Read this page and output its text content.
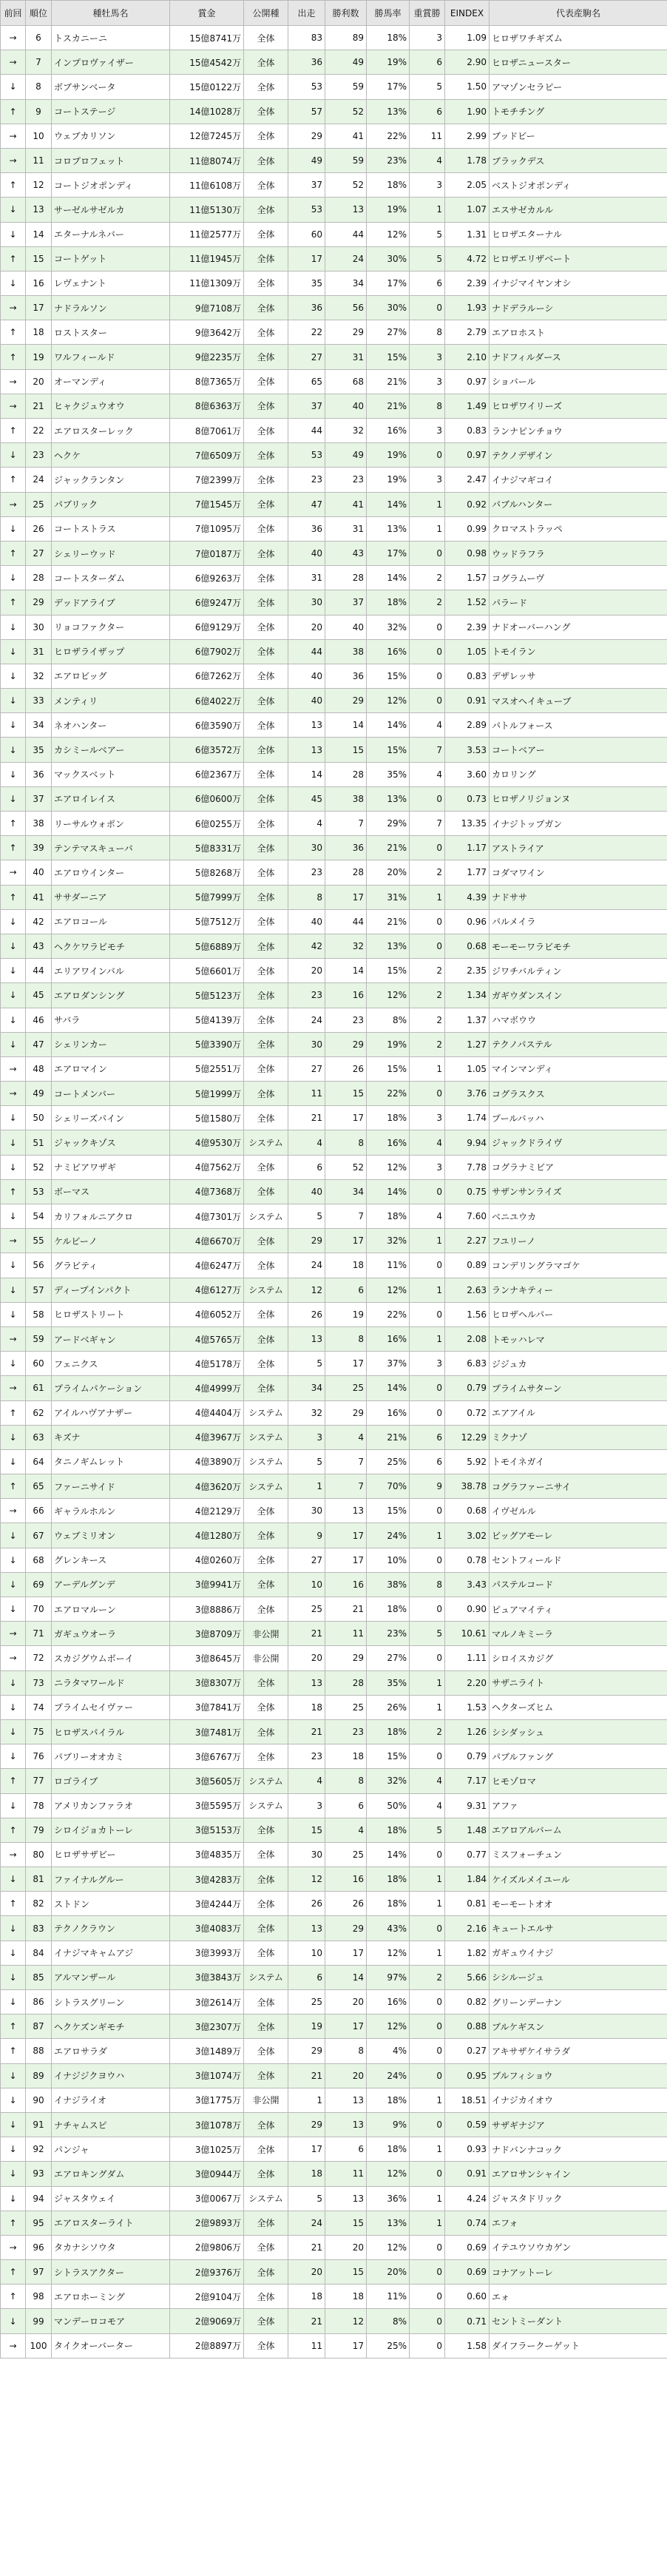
前回	順位	種牡馬名	賞金	公開種	出走	勝利数	勝馬率	重賞勝	EINDEX	代表産駒名
→	6	トスカニーニ	15億8741万	全体	83	89	18%	3	1.09	ヒロザワチギズム
→	7	インプロヴァイザー	15億4542万	全体	36	49	19%	6	2.90	ヒロザニュースター
↓	8	ボブサンベータ	15億0122万	全体	53	59	17%	5	1.50	アマゾンセラピー
↑	9	コートステージ	14億1028万	全体	57	52	13%	6	1.90	トモチチング
→	10	ウェブカリソン	12億7245万	全体	29	41	22%	11	2.99	ブッドビー
→	11	コロプロフェット	11億8074万	全体	49	59	23%	4	1.78	ブラックデス
↑	12	コートジオポンディ	11億6108万	全体	37	52	18%	3	2.05	ベストジオポンディ
↓	13	サーゼルサゼルカ	11億5130万	全体	53	13	19%	1	1.07	エスサゼカルル
↓	14	エターナルネバー	11億2577万	全体	60	44	12%	5	1.31	ヒロザエターナル
↑	15	コートゲット	11億1945万	全体	17	24	30%	5	4.72	ヒロザエリザベート
↓	16	レヴェナント	11億1309万	全体	35	34	17%	6	2.39	イナジマイヤンオシ
→	17	ナドラルソン	9億7108万	全体	36	56	30%	0	1.93	ナドデラルーシ
↑	18	ロストスター	9億3642万	全体	22	29	27%	8	2.79	エアロホスト
↑	19	ワルフィールド	9億2235万	全体	27	31	15%	3	2.10	ナドフィルダース
→	20	オーマンディ	8億7365万	全体	65	68	21%	3	0.97	ショバール
→	21	ヒャクジュウオウ	8億6363万	全体	37	40	21%	8	1.49	ヒロザワイリーズ
↑	22	エアロスターレック	8億7061万	全体	44	32	16%	3	0.83	ランナピンチョウ
↓	23	ヘクケ	7億6509万	全体	53	49	19%	0	0.97	テクノデザイン
↑	24	ジャックランタン	7億2399万	全体	23	23	19%	3	2.47	イナジマギコイ
→	25	パブリック	7億1545万	全体	47	41	14%	1	0.92	パブルハンター
↓	26	コートストラス	7億1095万	全体	36	31	13%	1	0.99	クロマストラッペ
↑	27	シェリーウッド	7億0187万	全体	40	43	17%	0	0.98	ウッドラフラ
↓	28	コートスターダム	6億9263万	全体	31	28	14%	2	1.57	コグラムーヴ
↑	29	デッドアライブ	6億9247万	全体	30	37	18%	2	1.52	パラード
↓	30	リョコファクター	6億9129万	全体	20	40	32%	0	2.39	ナドオーバーハング
↓	31	ヒロザライザップ	6億7902万	全体	44	38	16%	0	1.05	トモイラン
↓	32	エアロビッグ	6億7262万	全体	40	36	15%	0	0.83	デザレッサ
↓	33	メンティリ	6億4022万	全体	40	29	12%	0	0.91	マスオヘイキューブ
↓	34	ネオハンター	6億3590万	全体	13	14	14%	4	2.89	パトルフォース
↓	35	カシミールベアー	6億3572万	全体	13	15	15%	7	3.53	コートベアー
↓	36	マックスベット	6億2367万	全体	14	28	35%	4	3.60	カロリング
↓	37	エアロイレイス	6億0600万	全体	45	38	13%	0	0.73	ヒロザノリジョンヌ
↑	38	リーサルウォポン	6億0255万	全体	4	7	29%	7	13.35	イナジトップガン
↑	39	テンテマスキューバ	5億8331万	全体	30	36	21%	0	1.17	アストライア
→	40	エアロウインター	5億8268万	全体	23	28	20%	2	1.77	コダマワイン
↑	41	ササダーニア	5億7999万	全体	8	17	31%	1	4.39	ナドササ
↓	42	エアロコール	5億7512万	全体	40	44	21%	0	0.96	パルメイラ
↓	43	ヘクケワラビモチ	5億6889万	全体	42	32	13%	0	0.68	モーモーワラビモチ
↓	44	エリアワインバル	5億6601万	全体	20	14	15%	2	2.35	ジワチバルティン
↓	45	エアロダンシング	5億5123万	全体	23	16	12%	2	1.34	ガギウダンスイン
↓	46	サバラ	5億4139万	全体	24	23	8%	2	1.37	ハマボウウ
↓	47	シェリンカー	5億3390万	全体	30	29	19%	2	1.27	テクノパステル
→	48	エアロマイン	5億2551万	全体	27	26	15%	1	1.05	マインマンディ
→	49	コートメンバー	5億1999万	全体	11	15	22%	0	3.76	コグラスクス
↓	50	シェリーズパイン	5億1580万	全体	21	17	18%	3	1.74	プールバッハ
↓	51	ジャックキゾス	4億9530万	システム	4	8	16%	4	9.94	ジャックドライヴ
↓	52	ナミビアワザギ	4億7562万	全体	6	52	12%	3	7.78	コグラナミビア
↑	53	ボーマス	4億7368万	全体	40	34	14%	0	0.75	サザンサンライズ
↓	54	カリフォルニアクロ	4億7301万	システム	5	7	18%	4	7.60	ベニユウカ
→	55	ケルビーノ	4億6670万	全体	29	17	32%	1	2.27	フユリーノ
↓	56	グラビティ	4億6247万	全体	24	18	11%	0	0.89	コンデリングラマゴケ
↓	57	ディープインパクト	4億6127万	システム	12	6	12%	1	2.63	ランナキティー
↓	58	ヒロザストリート	4億6052万	全体	26	19	22%	0	1.56	ヒロザヘルパー
→	59	アードベギャン	4億5765万	全体	13	8	16%	1	2.08	トモッハレマ
↓	60	フェニクス	4億5178万	全体	5	17	37%	3	6.83	ジジュカ
→	61	プライムパケーション	4億4999万	全体	34	25	14%	0	0.79	プライムサターン
↑	62	アイルハヴアナザー	4億4404万	システム	32	29	16%	0	0.72	エアアイル
↓	63	キズナ	4億3967万	システム	3	4	21%	6	12.29	ミクナゾ
↓	64	タニノギムレット	4億3890万	システム	5	7	25%	6	5.92	トモイネガイ
↑	65	ファーニサイド	4億3620万	システム	1	7	70%	9	38.78	コグラファーニサイ
→	66	ギャラルホルン	4億2129万	全体	30	13	15%	0	0.68	イヴゼルル
↓	67	ウェブミリオン	4億1280万	全体	9	17	24%	1	3.02	ビッグアモーレ
↓	68	グレンキース	4億0260万	全体	27	17	10%	0	0.78	セントフィールド
↓	69	アーデルグンデ	3億9941万	全体	10	16	38%	8	3.43	パステルコード
↓	70	エアロマルーン	3億8886万	全体	25	21	18%	0	0.90	ピュアマイティ
→	71	ガギュウオーラ	3億8709万	非公開	21	11	23%	5	10.61	マルノキミーラ
→	72	スカジグウムボーイ	3億8645万	非公開	20	29	27%	0	1.11	シロイスカジグ
↓	73	ニラタマワールド	3億8307万	全体	13	28	35%	1	2.20	サザニライト
↓	74	プライムセイヴァー	3億7841万	全体	18	25	26%	1	1.53	ヘクターズヒム
↓	75	ヒロザスパイラル	3億7481万	全体	21	23	18%	2	1.26	シシダッシュ
↓	76	パブリーオオカミ	3億6767万	全体	23	18	15%	0	0.79	パブルファング
↑	77	ロゴライブ	3億5605万	システム	4	8	32%	4	7.17	ヒモゾロマ
↓	78	アメリカンファラオ	3億5595万	システム	3	6	50%	4	9.31	アファ
↑	79	シロイジョカトーレ	3億5153万	全体	15	4	18%	5	1.48	エアロアルバーム
→	80	ヒロザサザビー	3億4835万	全体	30	25	14%	0	0.77	ミスフォーチュン
↓	81	ファイナルグルー	3億4283万	全体	12	16	18%	1	1.84	ケイズルメイユール
↑	82	ストドン	3億4244万	全体	26	26	18%	1	0.81	モーモートオオ
↓	83	テクノクラウン	3億4083万	全体	13	29	43%	0	2.16	キュートエルサ
↓	84	イナジマキャムアジ	3億3993万	全体	10	17	12%	1	1.82	ガギュウイナジ
↓	85	アルマンザール	3億3843万	システム	6	14	97%	2	5.66	シシルージュ
↓	86	シトラスグリーン	3億2614万	全体	25	20	16%	0	0.82	グリーンデーナン
↑	87	ヘクケズンギモチ	3億2307万	全体	19	17	12%	0	0.88	ブルケギスン
↑	88	エアロサラダ	3億1489万	全体	29	8	4%	0	0.27	アキサザケイサラダ
↓	89	イナジジクヨウハ	3億1074万	全体	21	20	24%	0	0.95	ブルフィショウ
↓	90	イナジライオ	3億1775万	非公開	1	13	18%	1	18.51	イナジカイオウ
↓	91	ナチャムスピ	3億1078万	全体	29	13	9%	0	0.59	サザギナジア
↓	92	パンジャ	3億1025万	全体	17	6	18%	1	0.93	ナドバンナコック
↓	93	エアロキングダム	3億0944万	全体	18	11	12%	0	0.91	エアロサンシャイン
↓	94	ジャスタウェイ	3億0067万	システム	5	13	36%	1	4.24	ジャスタドリック
↑	95	エアロスターライト	2億9893万	全体	24	15	13%	1	0.74	エフォ
→	96	タカナシソウタ	2億9806万	全体	21	20	12%	0	0.69	イテユウソウカゲン
↑	97	シトラスアクター	2億9376万	全体	20	15	20%	0	0.69	コナアットーレ
↑	98	エアロホーミング	2億9104万	全体	18	18	11%	0	0.60	エォ
↓	99	マンデーロコモア	2億9069万	全体	21	12	8%	0	0.71	セントミーダント
→	100	タイクオーバーター	2億8897万	全体	11	17	25%	0	1.58	ダイフラークーゲット
